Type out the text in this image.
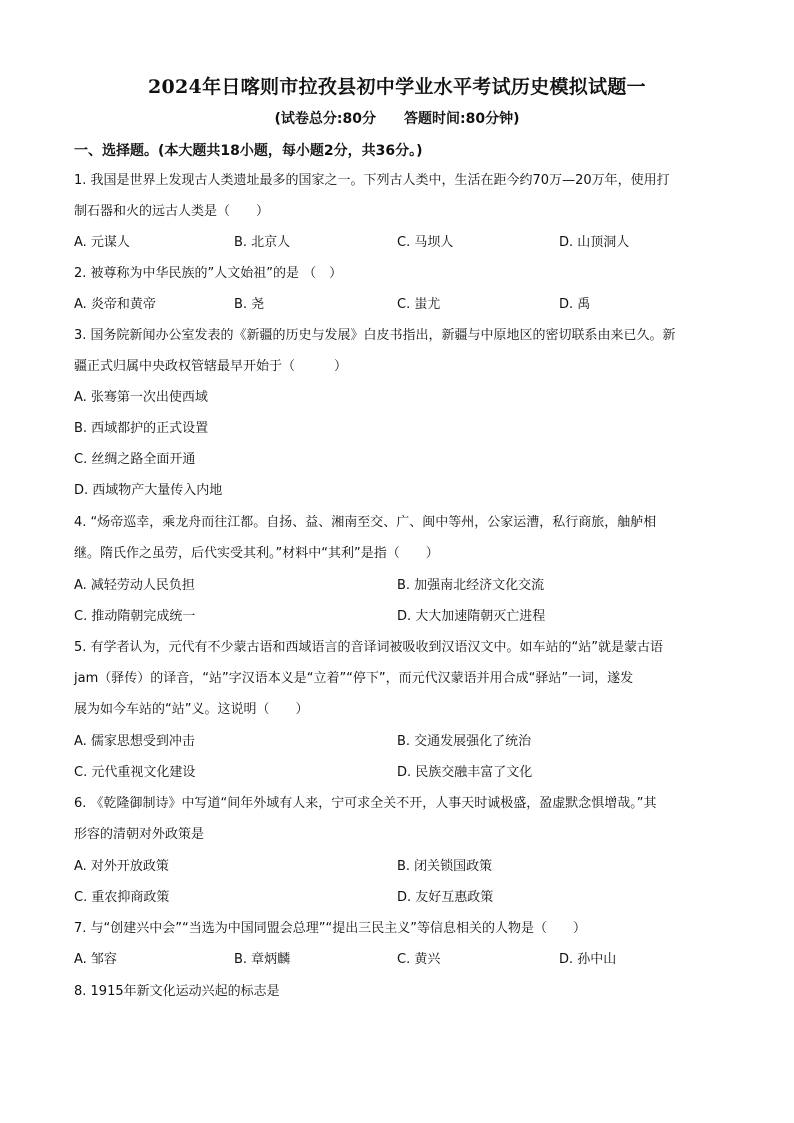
2024年日喀则市拉孜县初中学业水平考试历史模拟试题一
(试卷总分:80分　　答题时间:80分钟)
一、选择题。(本大题共18小题，每小题2分，共36分。)
1. 我国是世界上发现古人类遗址最多的国家之一。下列古人类中，生活在距今约70万—20万年，使用打
制石器和火的远古人类是（　　）
A. 元谋人	B. 北京人	C. 马坝人	D. 山顶洞人
2. 被尊称为中华民族的”人文始祖”的是 （　）
A. 炎帝和黄帝	B. 尧	C. 蚩尤	D. 禹
3. 国务院新闻办公室发表的《新疆的历史与发展》白皮书指出，新疆与中原地区的密切联系由来已久。新
疆正式归属中央政权管辖最早开始于（　　　）
A. 张骞第一次出使西域
B. 西域都护的正式设置
C. 丝绸之路全面开通
D. 西域物产大量传入内地
4. “炀帝巡幸，乘龙舟而往江都。自扬、益、湘南至交、广、闽中等州，公家运漕，私行商旅，舳舻相
继。隋氏作之虽劳，后代实受其利。”材料中“其利”是指（　　）
A. 减轻劳动人民负担	B. 加强南北经济文化交流
C. 推动隋朝完成统一	D. 大大加速隋朝灭亡进程
5. 有学者认为，元代有不少蒙古语和西域语言的音译词被吸收到汉语汉文中。如车站的“站”就是蒙古语
jam（驿传）的译音，“站”字汉语本义是“立着”“停下”，而元代汉蒙语并用合成“驿站”一词，遂发
展为如今车站的“站”义。这说明（　　）
A. 儒家思想受到冲击	B. 交通发展强化了统治
C. 元代重视文化建设	D. 民族交融丰富了文化
6. 《乾隆御制诗》中写道“间年外域有人来，宁可求全关不开，人事天时诚极盛，盈虚默念惧增哉。”其
形容的清朝对外政策是
A. 对外开放政策	B. 闭关锁国政策
C. 重农抑商政策	D. 友好互惠政策
7. 与“创建兴中会”“当选为中国同盟会总理”“提出三民主义”等信息相关的人物是（　　）
A. 邹容	B. 章炳麟	C. 黄兴	D. 孙中山
8. 1915年新文化运动兴起的标志是
